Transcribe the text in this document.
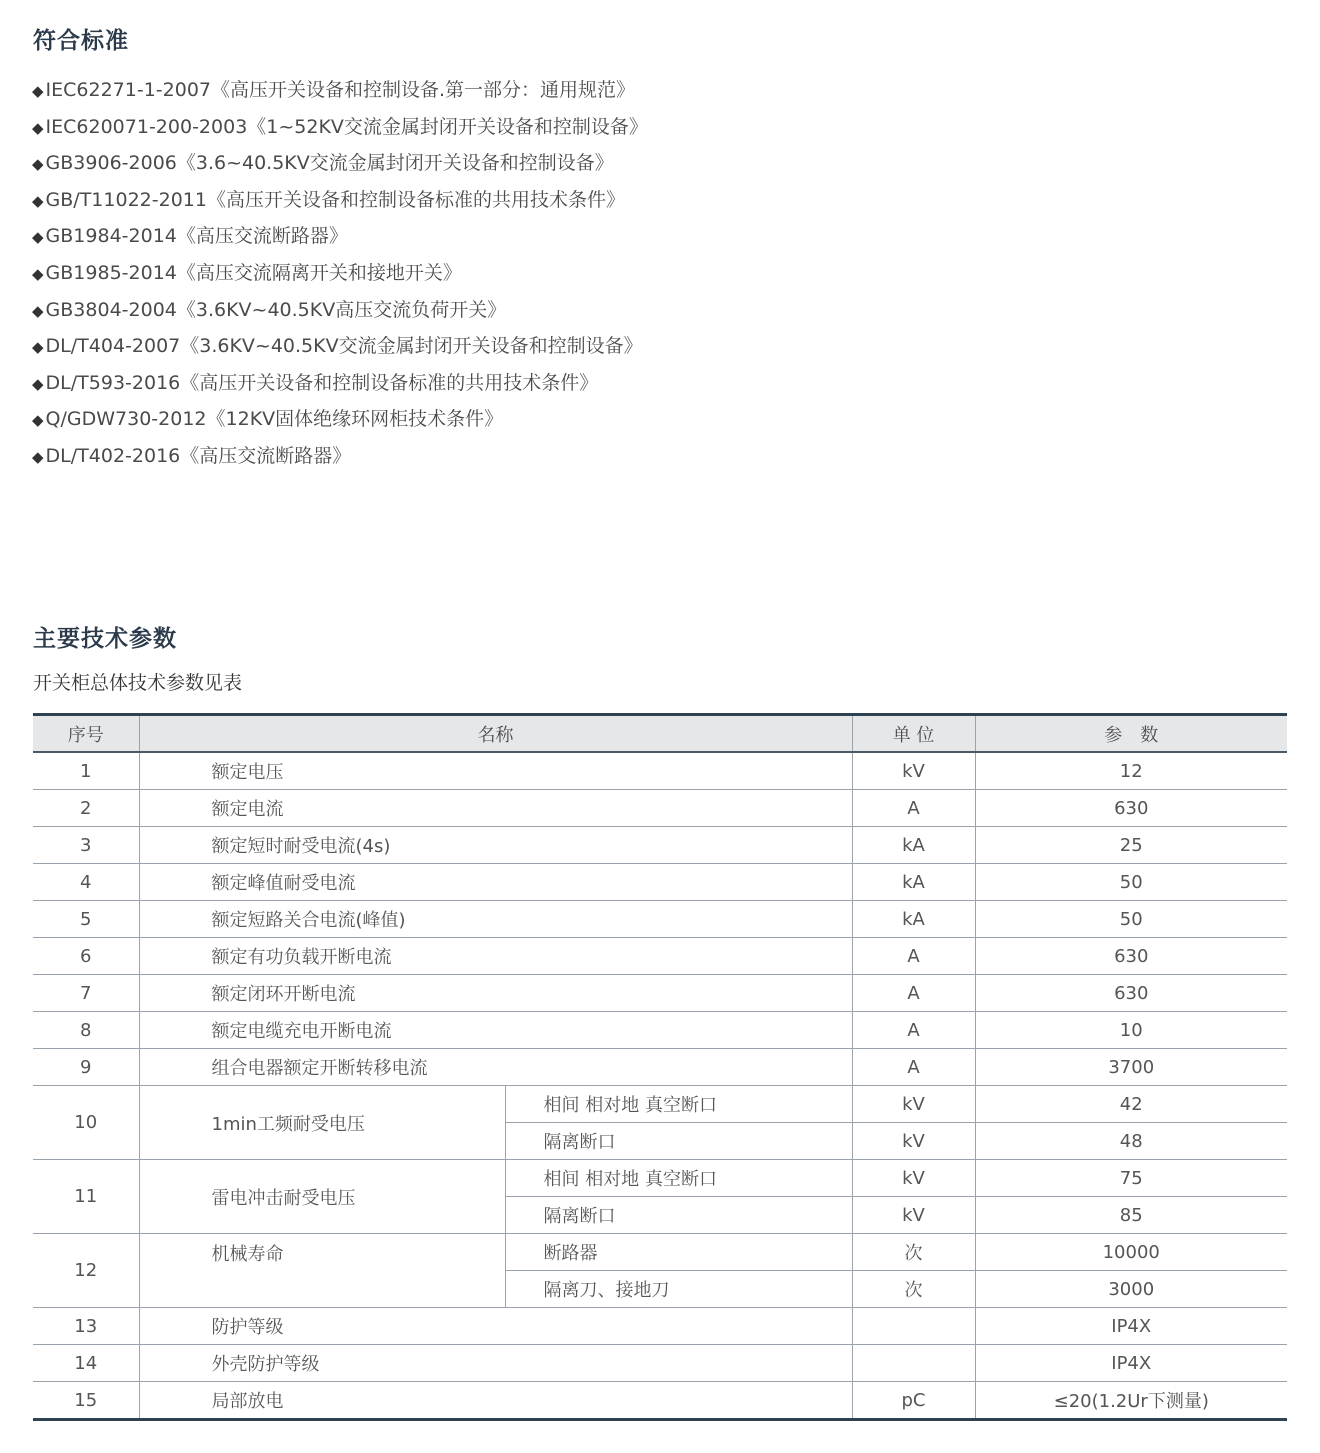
符合标准
◆ IEC62271-1-2007《高压开关设备和控制设备.第一部分：通用规范》
◆ IEC620071-200-2003《1~52KV交流金属封闭开关设备和控制设备》
◆ GB3906-2006《3.6~40.5KV交流金属封闭开关设备和控制设备》
◆ GB/T11022-2011《高压开关设备和控制设备标准的共用技术条件》
◆ GB1984-2014《高压交流断路器》
◆ GB1985-2014《高压交流隔离开关和接地开关》
◆ GB3804-2004《3.6KV~40.5KV高压交流负荷开关》
◆ DL/T404-2007《3.6KV~40.5KV交流金属封闭开关设备和控制设备》
◆ DL/T593-2016《高压开关设备和控制设备标准的共用技术条件》
◆ Q/GDW730-2012《12KV固体绝缘环网柜技术条件》
◆ DL/T402-2016《高压交流断路器》
主要技术参数

开关柜总体技术参数见表

序号	名称		单 位	参　数
1	额定电压		kV	12
2	额定电流		A	630
3	额定短时耐受电流(4s)		kA	25
4	额定峰值耐受电流		kA	50
5	额定短路关合电流(峰值)		kA	50
6	额定有功负载开断电流		A	630
7	额定闭环开断电流		A	630
8	额定电缆充电开断电流		A	10
9	组合电器额定开断转移电流		A	3700
10	1min工频耐受电压	相间 相对地 真空断口	kV	42
		隔离断口	kV	48
11	雷电冲击耐受电压	相间 相对地 真空断口	kV	75
		隔离断口	kV	85
12	机械寿命	断路器	次	10000
		隔离刀、接地刀	次	3000
13	防护等级			IP4X
14	外壳防护等级			IP4X
15	局部放电		pC	≤20(1.2Ur下测量)
